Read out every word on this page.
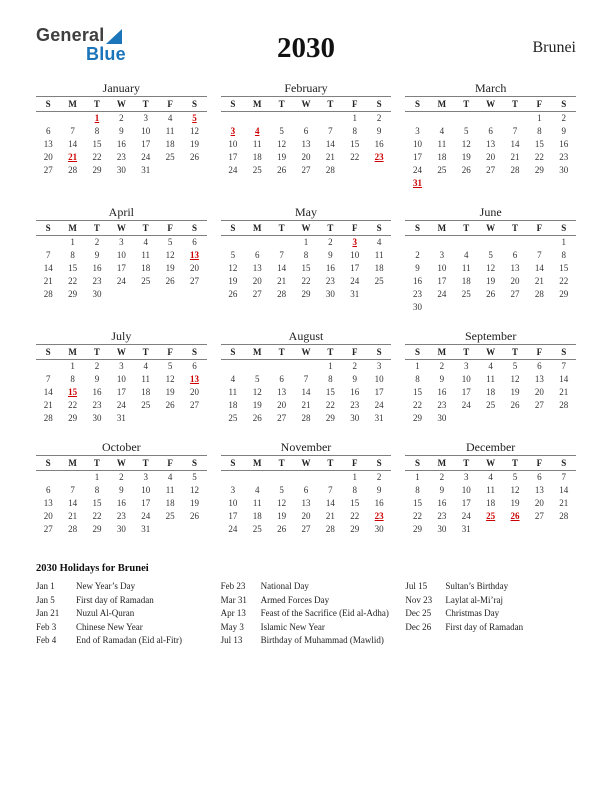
General
Blue	2030	Brunei
January
S	M	T	W	T	F	S
		1	2	3	4	5
6	7	8	9	10	11	12
13	14	15	16	17	18	19
20	21	22	23	24	25	26
27	28	29	30	31		
February
S	M	T	W	T	F	S
					1	2
3	4	5	6	7	8	9
10	11	12	13	14	15	16
17	18	19	20	21	22	23
24	25	26	27	28		
March
S	M	T	W	T	F	S
					1	2
3	4	5	6	7	8	9
10	11	12	13	14	15	16
17	18	19	20	21	22	23
24	25	26	27	28	29	30
31						
April
S	M	T	W	T	F	S
	1	2	3	4	5	6
7	8	9	10	11	12	13
14	15	16	17	18	19	20
21	22	23	24	25	26	27
28	29	30				
May
S	M	T	W	T	F	S
			1	2	3	4
5	6	7	8	9	10	11
12	13	14	15	16	17	18
19	20	21	22	23	24	25
26	27	28	29	30	31	
June
S	M	T	W	T	F	S
						1
2	3	4	5	6	7	8
9	10	11	12	13	14	15
16	17	18	19	20	21	22
23	24	25	26	27	28	29
30						
July
S	M	T	W	T	F	S
	1	2	3	4	5	6
7	8	9	10	11	12	13
14	15	16	17	18	19	20
21	22	23	24	25	26	27
28	29	30	31			
August
S	M	T	W	T	F	S
				1	2	3
4	5	6	7	8	9	10
11	12	13	14	15	16	17
18	19	20	21	22	23	24
25	26	27	28	29	30	31
September
S	M	T	W	T	F	S
1	2	3	4	5	6	7
8	9	10	11	12	13	14
15	16	17	18	19	20	21
22	23	24	25	26	27	28
29	30					
October
S	M	T	W	T	F	S
		1	2	3	4	5
6	7	8	9	10	11	12
13	14	15	16	17	18	19
20	21	22	23	24	25	26
27	28	29	30	31		
November
S	M	T	W	T	F	S
					1	2
3	4	5	6	7	8	9
10	11	12	13	14	15	16
17	18	19	20	21	22	23
24	25	26	27	28	29	30
December
S	M	T	W	T	F	S
1	2	3	4	5	6	7
8	9	10	11	12	13	14
15	16	17	18	19	20	21
22	23	24	25	26	27	28
29	30	31				
2030 Holidays for Brunei
Jan 1 New Year’s Day
Jan 5 First day of Ramadan
Jan 21 Nuzul Al-Quran
Feb 3 Chinese New Year
Feb 4 End of Ramadan (Eid al-Fitr)
Feb 23 National Day
Mar 31 Armed Forces Day
Apr 13 Feast of the Sacrifice (Eid al-Adha)
May 3 Islamic New Year
Jul 13 Birthday of Muhammad (Mawlid)
Jul 15 Sultan’s Birthday
Nov 23 Laylat al-Mi’raj
Dec 25 Christmas Day
Dec 26 First day of Ramadan
